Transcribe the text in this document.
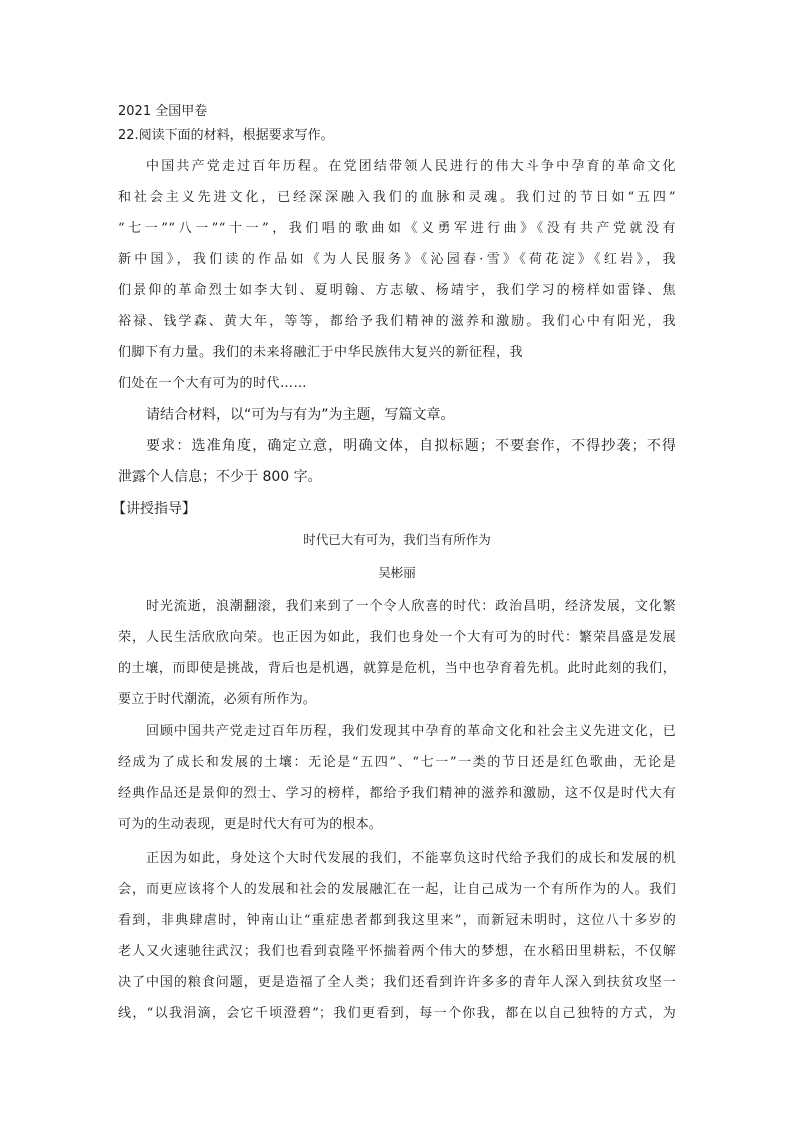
2021 全国甲卷
22.阅读下面的材料，根据要求写作。
中国共产党走过百年历程。在党团结带领人民进行的伟大斗争中孕育的革命文化
和社会主义先进文化，已经深深融入我们的血脉和灵魂。我们过的节日如“五四”
“七一”“八一”“十一”，我们唱的歌曲如《义勇军进行曲》《没有共产党就没有
新中国》，我们读的作品如《为人民服务》《沁园春·雪》《荷花淀》《红岩》，我
们景仰的革命烈士如李大钊、夏明翰、方志敏、杨靖宇，我们学习的榜样如雷锋、焦
裕禄、钱学森、黄大年，等等，都给予我们精神的滋养和激励。我们心中有阳光，我
们脚下有力量。我们的未来将融汇于中华民族伟大复兴的新征程，我
们处在一个大有可为的时代……
请结合材料，以“可为与有为”为主题，写篇文章。
要求：选准角度，确定立意，明确文体，自拟标题；不要套作，不得抄袭；不得
泄露个人信息；不少于 800 字。
【讲授指导】
时代已大有可为，我们当有所作为
吴彬丽
时光流逝，浪潮翻滚，我们来到了一个令人欣喜的时代：政治昌明，经济发展，文化繁
荣，人民生活欣欣向荣。也正因为如此，我们也身处一个大有可为的时代：繁荣昌盛是发展
的土壤，而即使是挑战，背后也是机遇，就算是危机，当中也孕育着先机。此时此刻的我们，
要立于时代潮流，必须有所作为。
回顾中国共产党走过百年历程，我们发现其中孕育的革命文化和社会主义先进文化，已
经成为了成长和发展的土壤：无论是“五四”、“七一”一类的节日还是红色歌曲，无论是
经典作品还是景仰的烈士、学习的榜样，都给予我们精神的滋养和激励，这不仅是时代大有
可为的生动表现，更是时代大有可为的根本。
正因为如此，身处这个大时代发展的我们，不能辜负这时代给予我们的成长和发展的机
会，而更应该将个人的发展和社会的发展融汇在一起，让自己成为一个有所作为的人。我们
看到，非典肆虐时，钟南山让“重症患者都到我这里来”，而新冠未明时，这位八十多岁的
老人又火速驰往武汉；我们也看到袁隆平怀揣着两个伟大的梦想，在水稻田里耕耘，不仅解
决了中国的粮食问题，更是造福了全人类；我们还看到许许多多的青年人深入到扶贫攻坚一
线，“以我涓滴，会它千顷澄碧”；我们更看到，每一个你我，都在以自己独特的方式，为
